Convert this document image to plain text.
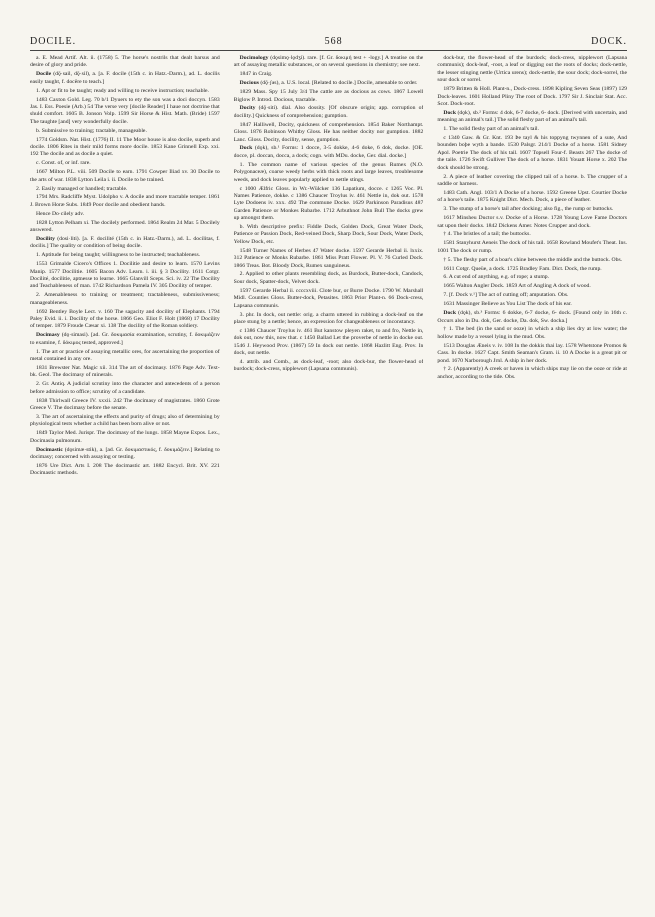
DOCILE.	568	DOCK.

a. E. Mead Artif. Alt. ii. (1758) 5. The horse's nostrils that dealt barsus and desire of glory and pride.

Docile (dǭ·sail, dǭ·sil), a. [a. F. docile (15th c. in Hatz.-Darm.), ad. L. docilis easily taught, f. docēre to teach.]

1. Apt or fit to be taught; ready and willing to receive instruction; teachable.

1483 Caxton Gold. Leg. 70 b/1 Dyuers to ety the son was a doci doccyn. 1583 Jas. I. Ess. Poesie (Arb.) 54 The verse very [docile Reader] I haue not doctrine that shuld comfort. 1605 B. Jonson Volp. 1599 Sir Horse & Hist. Math. (Bride) 1597 The taughte [and] very wonderfully docile.

b. Submissive to training; tractable, manageable.

1774 Goldsm. Nat. Hist. (1776) II. 11 The Moor house is also docile, superb and docile. 1806 Rites in their mild forms more docile. 1853 Kane Grinnell Exp. xxi. 192 The docile and as docile a quiet.

c. Const. of, or inf. rare.

1667 Milton P.L. viii. 509 Docile to earn. 1791 Cowper Iliad xv. 30 Docile to the arts of war. 1838 Lytton Leila i. ii. Docile to be trained.

2. Easily managed or handled; tractable.

1794 Mrs. Radcliffe Myst. Udolpho v. A docile and more tractable temper. 1861 J. Brown Horæ Subs. 1849 Poor docile and obedient hands.

Hence Do·cilely adv.

1828 Lytton Pelham xi. The docilely performed. 1864 Realm 24 Mar. 5 Docilely answered.

Docility (dosi·liti). [a. F. docilité (15th c. in Hatz.-Darm.), ad. L. docilitas, f. docilis.] The quality or condition of being docile.

1. Aptitude for being taught; willingness to be instructed; teachableness.

1553 Grimalde Cicero's Offices 1. Docilitie and desire to learn. 1570 Levins Manip. 1577 Docilitie. 1605 Bacon Adv. Learn. i. iii. § 3 Docility. 1611 Cotgr. Docilité, docilitie, aptnesse to learne. 1665 Glanvill Sceps. Sci. iv. 22 The Docility and Teachableness of man. 1742 Richardson Pamela IV. 305 Docility of temper.

2. Amenableness to training or treatment; tractableness, submissiveness; manageableness.

1692 Bentley Boyle Lect. v. 160 The sagacity and docility of Elephants. 1794 Paley Evid. ii. i. Docility of the horse. 1866 Geo. Eliot F. Holt (1868) 17 Docility of temper. 1879 Froude Cæsar xi. 138 The docility of the Roman soldiery.

Docimasy (dǫ·simasi). [ad. Gr. δοκιμασία examination, scrutiny, f. δοκιμάζειν to examine, f. δόκιμος tested, approved.]

1. The art or practice of assaying metallic ores, for ascertaining the proportion of metal contained in any ore.

1831 Brewster Nat. Magic xii. 314 The art of docimasy. 1876 Page Adv. Text-bk. Geol. The docimasy of minerals.

2. Gr. Antiq. A judicial scrutiny into the character and antecedents of a person before admission to office; scrutiny of a candidate.

1838 Thirlwall Greece IV. xxxii. 242 The docimasy of magistrates. 1860 Grote Greece V. The docimasy before the senate.

3. The art of ascertaining the effects and purity of drugs; also of determining by physiological tests whether a child has been born alive or not.

1849 Taylor Med. Jurispr. The docimasy of the lungs. 1858 Mayne Expos. Lex., Docimasia pulmonum.

Docimastic (dǫsimæ·stik), a. [ad. Gr. δοκιμαστικός, f. δοκιμάζειν.] Relating to docimasy; concerned with assaying or testing.

1876 Ure Dict. Arts I. 208 The docimastic art. 1882 Encycl. Brit. XV. 221 Docimastic methods.

Docimology (dǫsimǫ·lǫdʒi). rare. [f. Gr. δοκιμή test + -logy.] A treatise on the art of assaying metallic substances, or on several questions in chemistry; see next.

1847 in Craig.

Docious (dǭ·ʃəs), a. U.S. local. [Related to docile.] Docile, amenable to order.

1829 Mass. Spy 15 July 3/4 The cattle are as docious as cows. 1867 Lowell Biglow P. Introd. Docious, tractable.

Docity (dǭ·siti). dial. Also dossity. [Of obscure origin; app. corruption of docility.] Quickness of comprehension; gumption.

1847 Halliwell, Docity, quickness of comprehension. 1854 Baker Northampt. Gloss. 1876 Robinson Whitby Gloss. He has neither docity nor gumption. 1882 Lanc. Gloss. Docity, docility, sense, gumption.

Dock (dǫk), sb.¹ Forms: 1 docce, 3-5 dokke, 4-6 doke, 6 dok, docke. [OE. docce, pl. doccan, docca, a dock; cogn. with MDu. docke, Ger. dial. docke.]

1. The common name of various species of the genus Rumex (N.O. Polygonaceæ), coarse weedy herbs with thick roots and large leaves, troublesome weeds, and dock leaves popularly applied to nettle stings.

c 1000 Ælfric Gloss. in Wr.-Wülcker 136 Lapatium, docce. c 1265 Voc. Pl. Names Patience, dokke. c 1386 Chaucer Troylus iv. 461 Nettle in, dok out. 1578 Lyte Dodoens iv. xxx. 492 The commune Docke. 1629 Parkinson Paradisus 487 Garden Patience or Monkes Rubarbe. 1712 Arbuthnot John Bull The docks grew up amongst them.

b. With descriptive prefix: Fiddle Dock, Golden Dock, Great Water Dock, Patience or Passion Dock, Red-veined Dock, Sharp Dock, Sour Dock, Water Dock, Yellow Dock, etc.

1548 Turner Names of Herbes 47 Water docke. 1597 Gerarde Herbal ii. lxxix. 312 Patience or Monks Rubarbe. 1861 Miss Pratt Flower. Pl. V. 76 Curled Dock. 1866 Treas. Bot. Bloody Dock, Rumex sanguineus.

2. Applied to other plants resembling dock, as Burdock, Butter-dock, Candock, Sour dock, Spatter-dock, Velvet dock.

1597 Gerarde Herbal ii. ccccxviii. Clote bur, or Burre Docke. 1790 W. Marshall Midl. Counties Gloss. Butter-dock, Petasites. 1863 Prior Plant-n. 66 Dock-cress, Lapsana communis.

3. phr. In dock, out nettle: orig. a charm uttered in rubbing a dock-leaf on the place stung by a nettle; hence, an expression for changeableness or inconstancy.

c 1386 Chaucer Troylus iv. 461 But kanstow pleyen raket, to and fro, Nettle in, dok out, now this, now that. c 1450 Ballad Let the proverbe of nettle in docke out. 1546 J. Heywood Prov. (1867) 59 In dock out nettle. 1868 Hazlitt Eng. Prov. In dock, out nettle.

4. attrib. and Comb., as dock-leaf, -root; also dock-bur, the flower-head of burdock; dock-cress, nipplewort (Lapsana communis).

dock-bur, the flower-head of the burdock; dock-cress, nipplewort (Lapsana communis); dock-leaf, -root, a leaf or digging out the roots of docks; dock-nettle, the lesser stinging nettle (Urtica urens); dock-nettle, the sour dock; dock-sorrel, the sour dock or sorrel.

1879 Britten & Holl. Plant-n., Dock-cress. 1898 Kipling Seven Seas (1897) 129 Dock-leaves. 1601 Holland Pliny The root of Dock. 1797 Sir J. Sinclair Stat. Acc. Scot. Dock-root.

Dock (dǫk), sb.² Forms: 4 dok, 6-7 docke, 6- dock. [Derived with uncertain, and meaning an animal's tail.] The solid fleshy part of an animal's tail.

1. The solid fleshy part of an animal's tail.

c 1340 Gaw. & Gr. Knt. 193 Þe tayl & his toppyng twynnen of a sute, And bounden boþe wyth a bande. 1530 Palsgr. 214/1 Docke of a horse. 1581 Sidney Apol. Poetrie The dock of his tail. 1607 Topsell Four-f. Beasts 267 The docke of the taile. 1726 Swift Gulliver The dock of a horse. 1831 Youatt Horse x. 202 The dock should be strong.

2. A piece of leather covering the clipped tail of a horse. b. The crupper of a saddle or harness.

1483 Cath. Angl. 103/1 A Docke of a horse. 1592 Greene Upst. Courtier Docke of a horse's taile. 1875 Knight Dict. Mech. Dock, a piece of leather.

3. The stump of a horse's tail after docking; also fig., the rump or buttocks.

1617 Minsheu Ductor s.v. Docke of a Horse. 1728 Young Love Fame Doctors sat upon their docks. 1842 Dickens Amer. Notes Crupper and dock.

† 4. The bristles of a tail; the buttocks.

1581 Stanyhurst Aeneis The dock of his tail. 1658 Rowland Moufet's Theat. Ins. 1001 The dock or rump.

† 5. The fleshy part of a boar's chine between the middle and the buttock. Obs.

1611 Cotgr. Queüe, a dock. 1725 Bradley Fam. Dict. Dock, the rump.

6. A cut end of anything, e.g. of rope; a stump.

1665 Walton Angler Dock. 1859 Art of Angling A dock of wood.

7. [f. Dock v.¹] The act of cutting off; amputation. Obs.

1631 Massinger Believe as You List The dock of his ear.

Dock (dǫk), sb.³ Forms: 6 dokke, 6-7 docke, 6- dock. [Found only in 16th c. Occurs also in Du. dok, Ger. docke, Da. dok, Sw. docka.]

† 1. The bed (in the sand or ooze) in which a ship lies dry at low water; the hollow made by a vessel lying in the mud. Obs.

1513 Douglas Æneis v. iv. 108 In the dokkis thai lay. 1578 Whetstone Promos & Cass. In docke. 1627 Capt. Smith Seaman's Gram. ii. 10 A Docke is a great pit or pond. 1670 Narborough Jrnl. A ship in her dock.

† 2. (Apparently) A creek or haven in which ships may lie on the ooze or ride at anchor, according to the tide. Obs.
